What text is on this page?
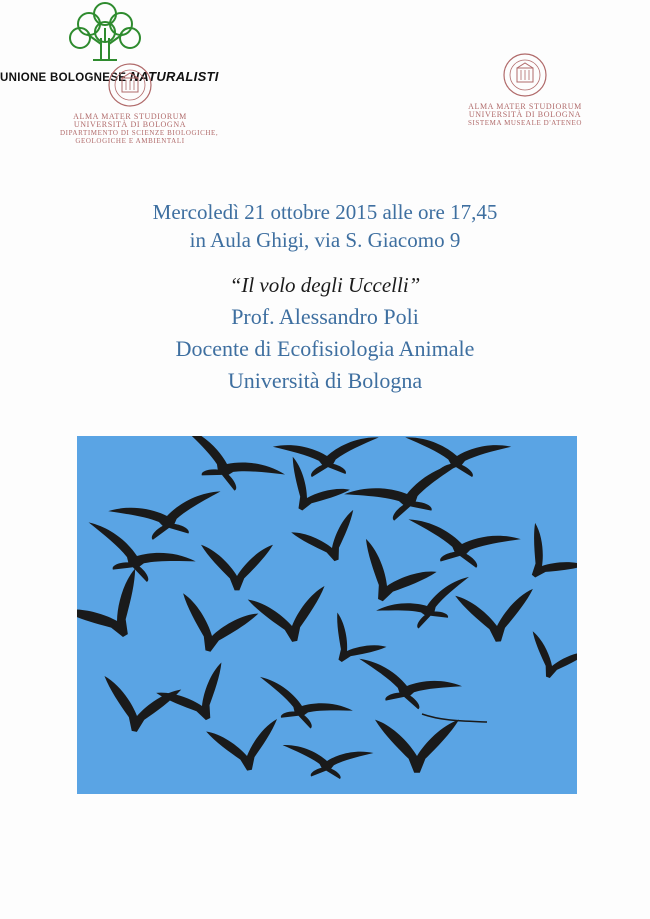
ALMA MATER STUDIORUM
UNIVERSITÀ DI BOLOGNA
DIPARTIMENTO DI SCIENZE BIOLOGICHE,
GEOLOGICHE E AMBIENTALI
UNIONE BOLOGNESE NATURALISTI
ALMA MATER STUDIORUM
UNIVERSITÀ DI BOLOGNA
SISTEMA MUSEALE D'ATENEO
Mercoledì 21 ottobre 2015 alle ore 17,45
in Aula Ghigi, via S. Giacomo 9
“Il volo degli Uccelli”
Prof. Alessandro Poli
Docente di Ecofisiologia Animale
Università di Bologna
